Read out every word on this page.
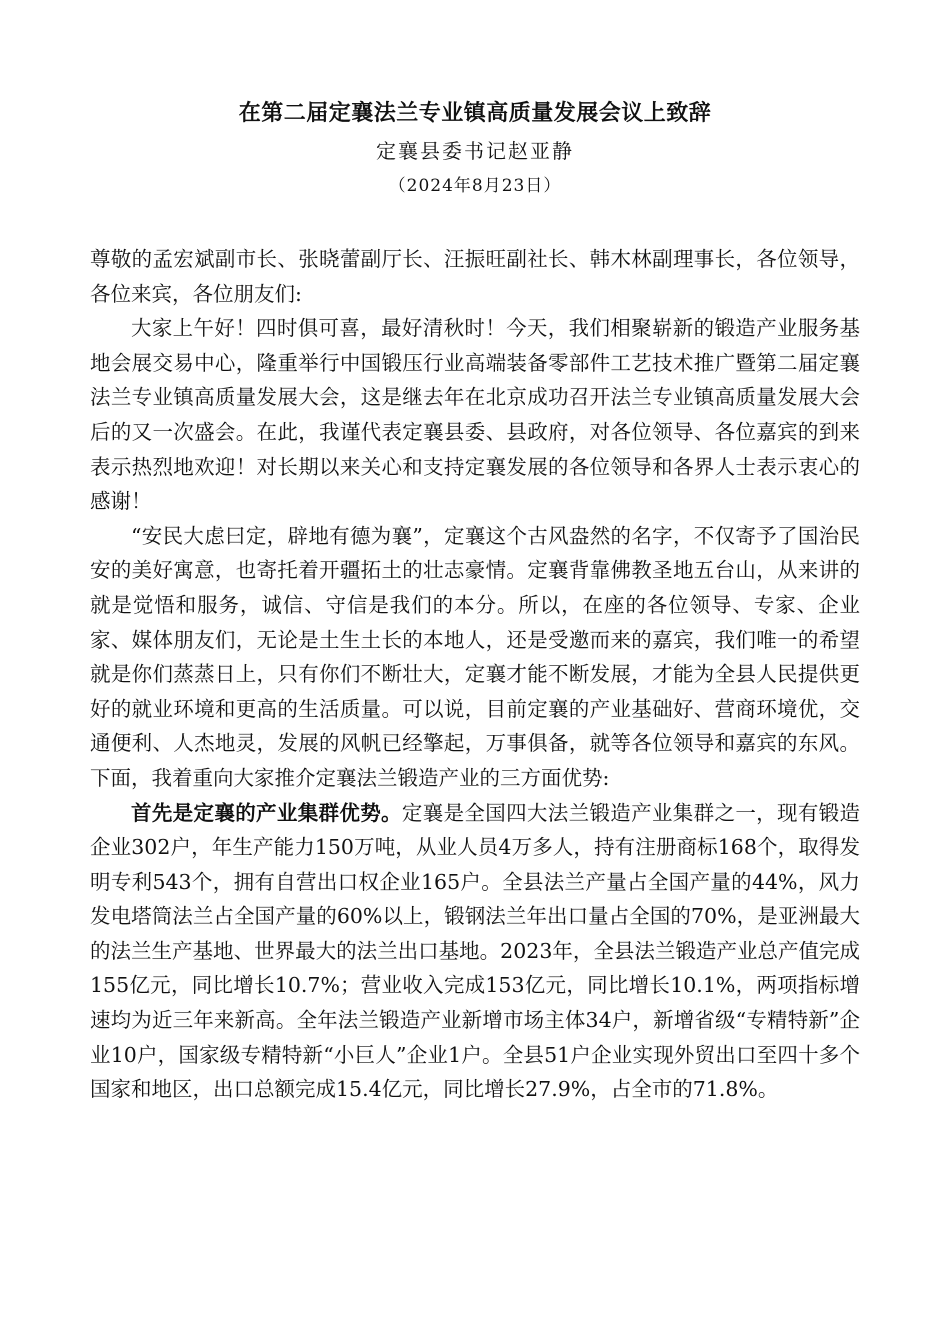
在第二届定襄法兰专业镇高质量发展会议上致辞
定襄县委书记赵亚静
（2024年8月23日）

尊敬的孟宏斌副市长、张晓蕾副厅长、汪振旺副社长、韩木林副理事长，各位领导，各位来宾，各位朋友们:

大家上午好！四时俱可喜，最好清秋时！今天，我们相聚崭新的锻造产业服务基地会展交易中心，隆重举行中国锻压行业高端装备零部件工艺技术推广暨第二届定襄法兰专业镇高质量发展大会，这是继去年在北京成功召开法兰专业镇高质量发展大会后的又一次盛会。在此，我谨代表定襄县委、县政府，对各位领导、各位嘉宾的到来表示热烈地欢迎！对长期以来关心和支持定襄发展的各位领导和各界人士表示衷心的感谢！

“安民大虑曰定，辟地有德为襄”，定襄这个古风盎然的名字，不仅寄予了国治民安的美好寓意，也寄托着开疆拓土的壮志豪情。定襄背靠佛教圣地五台山，从来讲的就是觉悟和服务，诚信、守信是我们的本分。所以，在座的各位领导、专家、企业家、媒体朋友们，无论是土生土长的本地人，还是受邀而来的嘉宾，我们唯一的希望就是你们蒸蒸日上，只有你们不断壮大，定襄才能不断发展，才能为全县人民提供更好的就业环境和更高的生活质量。可以说，目前定襄的产业基础好、营商环境优，交通便利、人杰地灵，发展的风帆已经擎起，万事俱备，就等各位领导和嘉宾的东风。下面，我着重向大家推介定襄法兰锻造产业的三方面优势:

首先是定襄的产业集群优势。定襄是全国四大法兰锻造产业集群之一，现有锻造企业302户，年生产能力150万吨，从业人员4万多人，持有注册商标168个，取得发明专利543个，拥有自营出口权企业165户。全县法兰产量占全国产量的44%，风力发电塔筒法兰占全国产量的60%以上，锻钢法兰年出口量占全国的70%，是亚洲最大的法兰生产基地、世界最大的法兰出口基地。2023年，全县法兰锻造产业总产值完成155亿元，同比增长10.7%；营业收入完成153亿元，同比增长10.1%，两项指标增速均为近三年来新高。全年法兰锻造产业新增市场主体34户，新增省级“专精特新”企业10户，国家级专精特新“小巨人”企业1户。全县51户企业实现外贸出口至四十多个国家和地区，出口总额完成15.4亿元，同比增长27.9%，占全市的71.8%。
